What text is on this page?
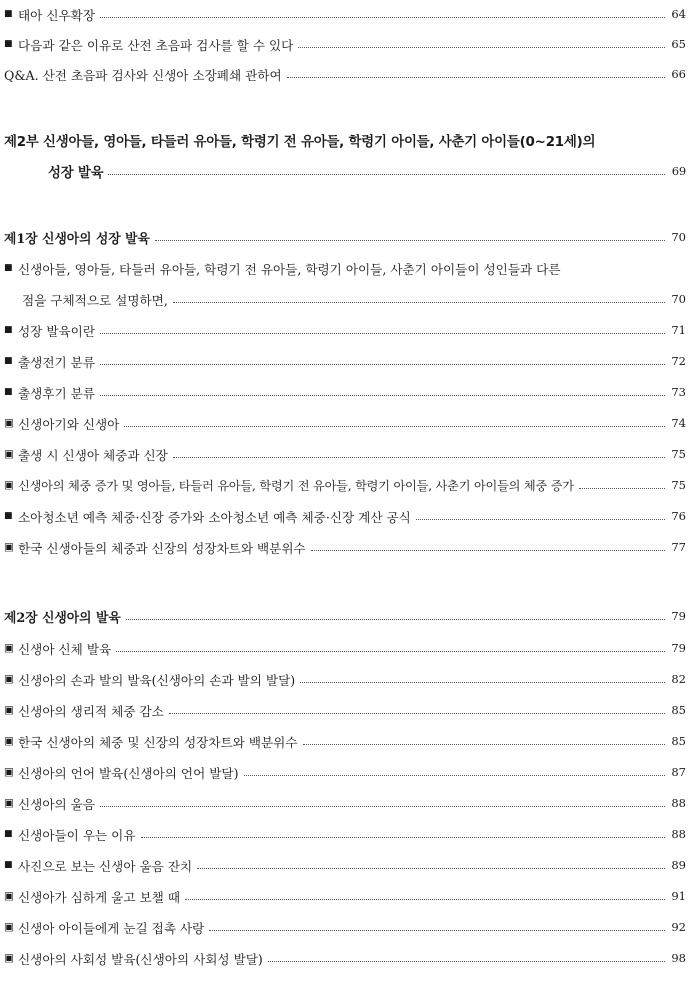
■ 태아 신우확장	64
■ 다음과 같은 이유로 산전 초음파 검사를 할 수 있다	65
Q&A. 산전 초음파 검사와 신생아 소장폐쇄 관하여	66
제2부 신생아들, 영아들, 타들러 유아들, 학령기 전 유아들, 학령기 아이들, 사춘기 아이들(0~21세)의
성장 발육	69
제1장 신생아의 성장 발육	70
■ 신생아들, 영아들, 타들러 유아들, 학령기 전 유아들, 학령기 아이들, 사춘기 아이들이 성인들과 다른
점을 구체적으로 설명하면,	70
■ 성장 발육이란	71
■ 출생전기 분류	72
■ 출생후기 분류	73
▣ 신생아기와 신생아	74
▣ 출생 시 신생아 체중과 신장	75
▣ 신생아의 체중 증가 및 영아들, 타들러 유아들, 학령기 전 유아들, 학령기 아이들, 사춘기 아이들의 체중 증가	75
■ 소아청소년 예측 체중·신장 증가와 소아청소년 예측 체중·신장 계산 공식	76
▣ 한국 신생아들의 체중과 신장의 성장차트와 백분위수	77
제2장 신생아의 발육	79
▣ 신생아 신체 발육	79
▣ 신생아의 손과 발의 발육(신생아의 손과 발의 발달)	82
▣ 신생아의 생리적 체중 감소	85
▣ 한국 신생아의 체중 및 신장의 성장차트와 백분위수	85
▣ 신생아의 언어 발육(신생아의 언어 발달)	87
▣ 신생아의 울음	88
■ 신생아들이 우는 이유	88
■ 사진으로 보는 신생아 울음 잔치	89
▣ 신생아가 심하게 울고 보챌 때	91
▣ 신생아 아이들에게 눈길 접촉 사랑	92
▣ 신생아의 사회성 발육(신생아의 사회성 발달)	98
